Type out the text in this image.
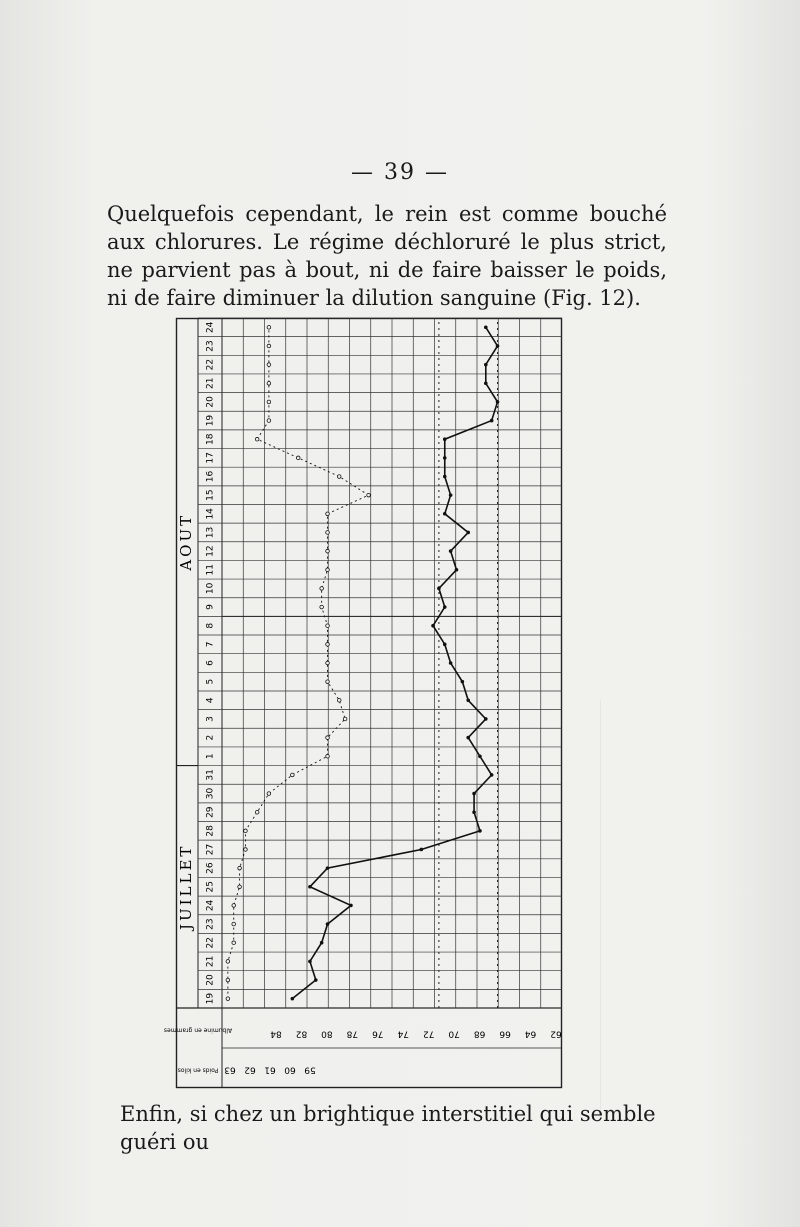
— 39 —
Quelquefois cependant, le rein est comme bouché aux chlorures. Le régime déchloruré le plus strict, ne parvient pas à bout, ni de faire baisser le poids, ni de faire diminuer la dilution sanguine (Fig. 12).
JUILLET
AOUT
19
20
21
22
23
24
25
26
27
28
29
30
31
1
2
3
4
5
6
7
8
9
10
11
12
13
14
15
16
17
18
19
20
21
22
23
24
84 82 80 78 76 74 72 70 68 66 64 62
63 62 61 60 59
Albumine en grammes
Poids en kilos
Enfin, si chez un brightique interstitiel qui semble guéri ou
